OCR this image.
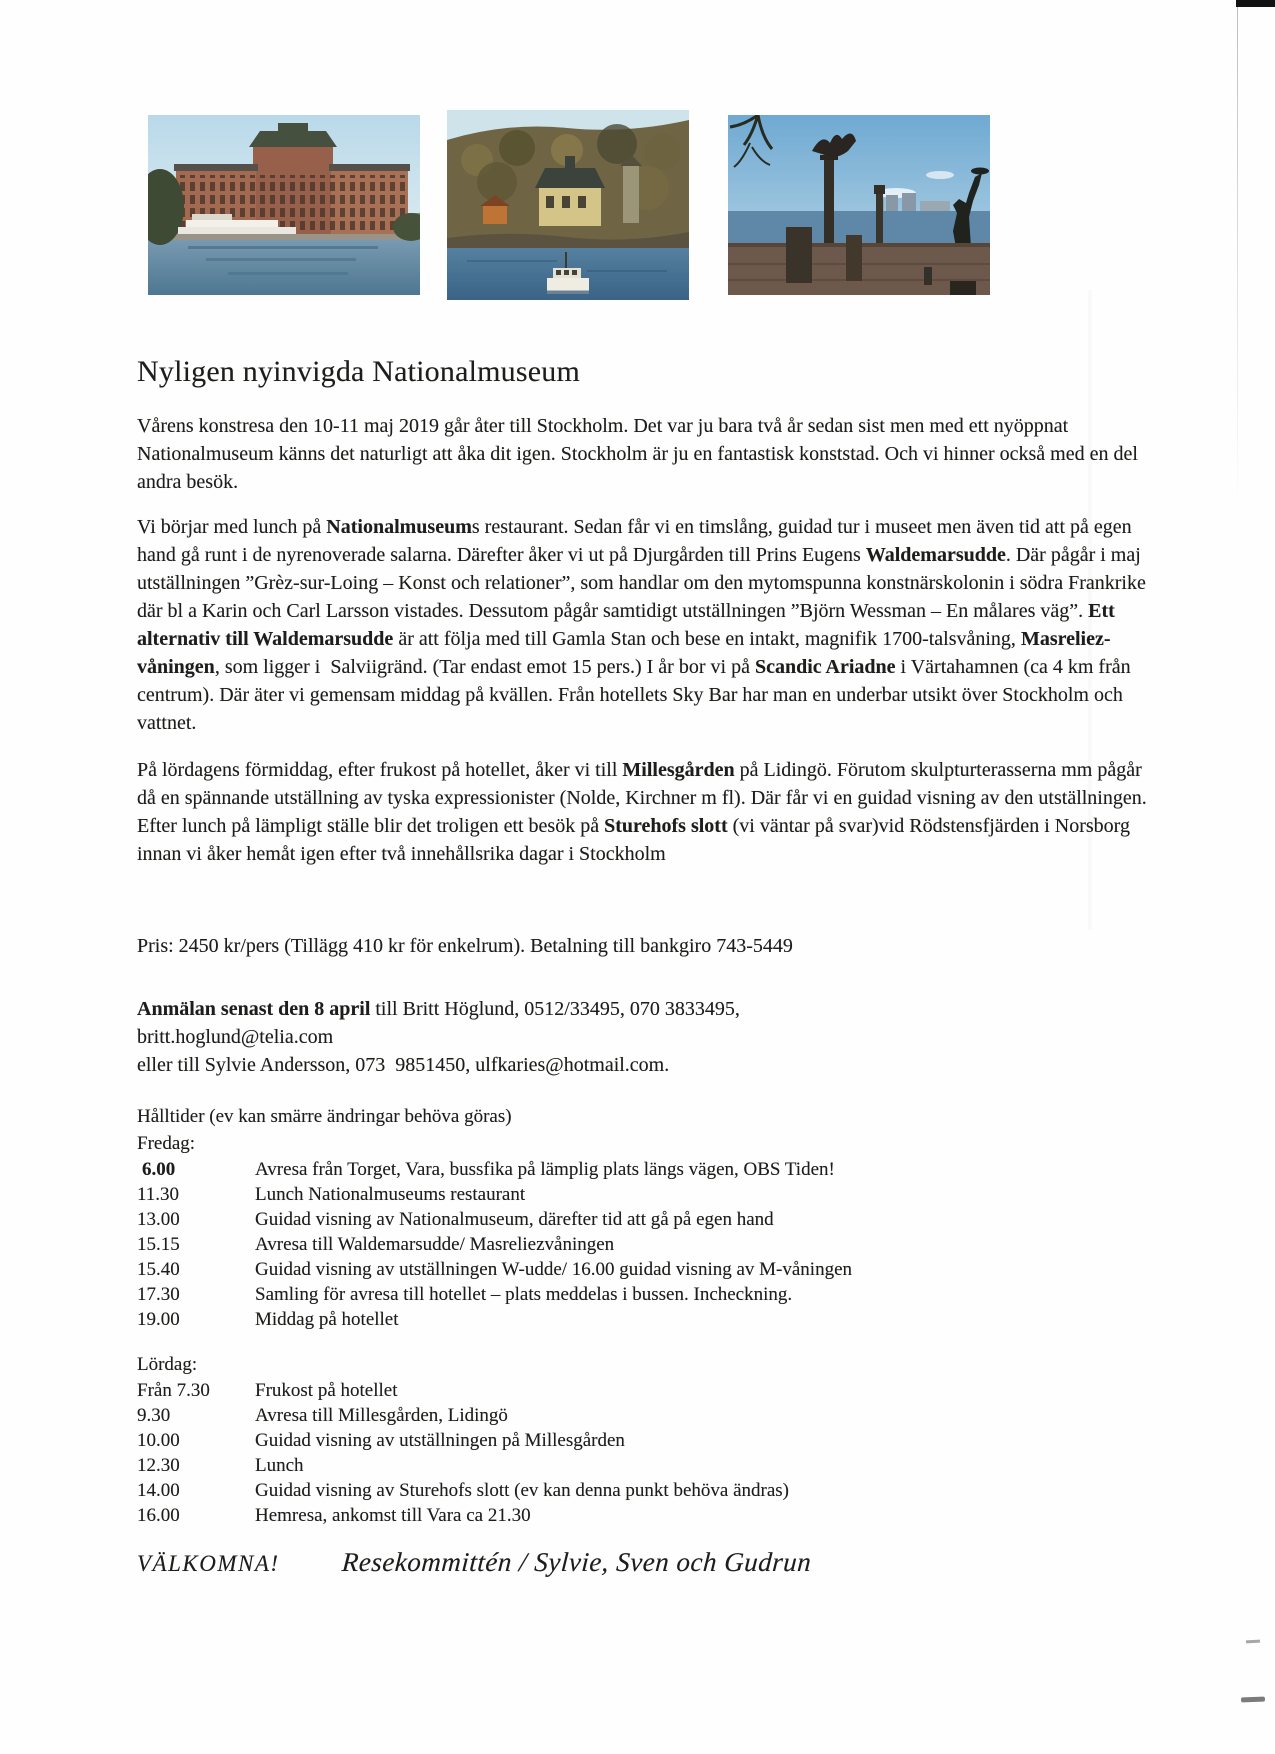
Nyligen nyinvigda Nationalmuseum

Vårens konstresa den 10-11 maj 2019 går åter till Stockholm. Det var ju bara två år sedan sist men med ett nyöppnat Nationalmuseum känns det naturligt att åka dit igen. Stockholm är ju en fantastisk konststad. Och vi hinner också med en del andra besök.

Vi börjar med lunch på Nationalmuseums restaurant. Sedan får vi en timslång, guidad tur i museet men även tid att på egen hand gå runt i de nyrenoverade salarna. Därefter åker vi ut på Djurgården till Prins Eugens Waldemarsudde. Där pågår i maj utställningen ”Grèz-sur-Loing – Konst och relationer”, som handlar om den mytomspunna konstnärskolonin i södra Frankrike där bl a Karin och Carl Larsson vistades. Dessutom pågår samtidigt utställningen ”Björn Wessman – En målares väg”. Ett alternativ till Waldemarsudde är att följa med till Gamla Stan och bese en intakt, magnifik 1700-talsvåning, Masreliez-våningen, som ligger i  Salviigränd. (Tar endast emot 15 pers.) I år bor vi på Scandic Ariadne i Värtahamnen (ca 4 km från centrum). Där äter vi gemensam middag på kvällen. Från hotellets Sky Bar har man en underbar utsikt över Stockholm och vattnet.

På lördagens förmiddag, efter frukost på hotellet, åker vi till Millesgården på Lidingö. Förutom skulpturterasserna mm pågår då en spännande utställning av tyska expressionister (Nolde, Kirchner m fl). Där får vi en guidad visning av den utställningen.  Efter lunch på lämpligt ställe blir det troligen ett besök på Sturehofs slott (vi väntar på svar)vid Rödstensfjärden i Norsborg innan vi åker hemåt igen efter två innehållsrika dagar i Stockholm

Pris: 2450 kr/pers (Tillägg 410 kr för enkelrum). Betalning till bankgiro 743-5449

Anmälan senast den 8 april till Britt Höglund, 0512/33495, 070 3833495,
britt.hoglund@telia.com
eller till Sylvie Andersson, 073  9851450, ulfkaries@hotmail.com.

Hålltider (ev kan smärre ändringar behöva göras)
Fredag:
6.00	Avresa från Torget, Vara, bussfika på lämplig plats längs vägen, OBS Tiden!
11.30	Lunch Nationalmuseums restaurant
13.00	Guidad visning av Nationalmuseum, därefter tid att gå på egen hand
15.15	Avresa till Waldemarsudde/ Masreliezvåningen
15.40	Guidad visning av utställningen W-udde/ 16.00 guidad visning av M-våningen
17.30	Samling för avresa till hotellet – plats meddelas i bussen. Incheckning.
19.00	Middag på hotellet
Lördag:
Från 7.30	Frukost på hotellet
9.30	Avresa till Millesgården, Lidingö
10.00	Guidad visning av utställningen på Millesgården
12.30	Lunch
14.00	Guidad visning av Sturehofs slott (ev kan denna punkt behöva ändras)
16.00	Hemresa, ankomst till Vara ca 21.30
VÄLKOMNA! Resekommittén / Sylvie, Sven och Gudrun
